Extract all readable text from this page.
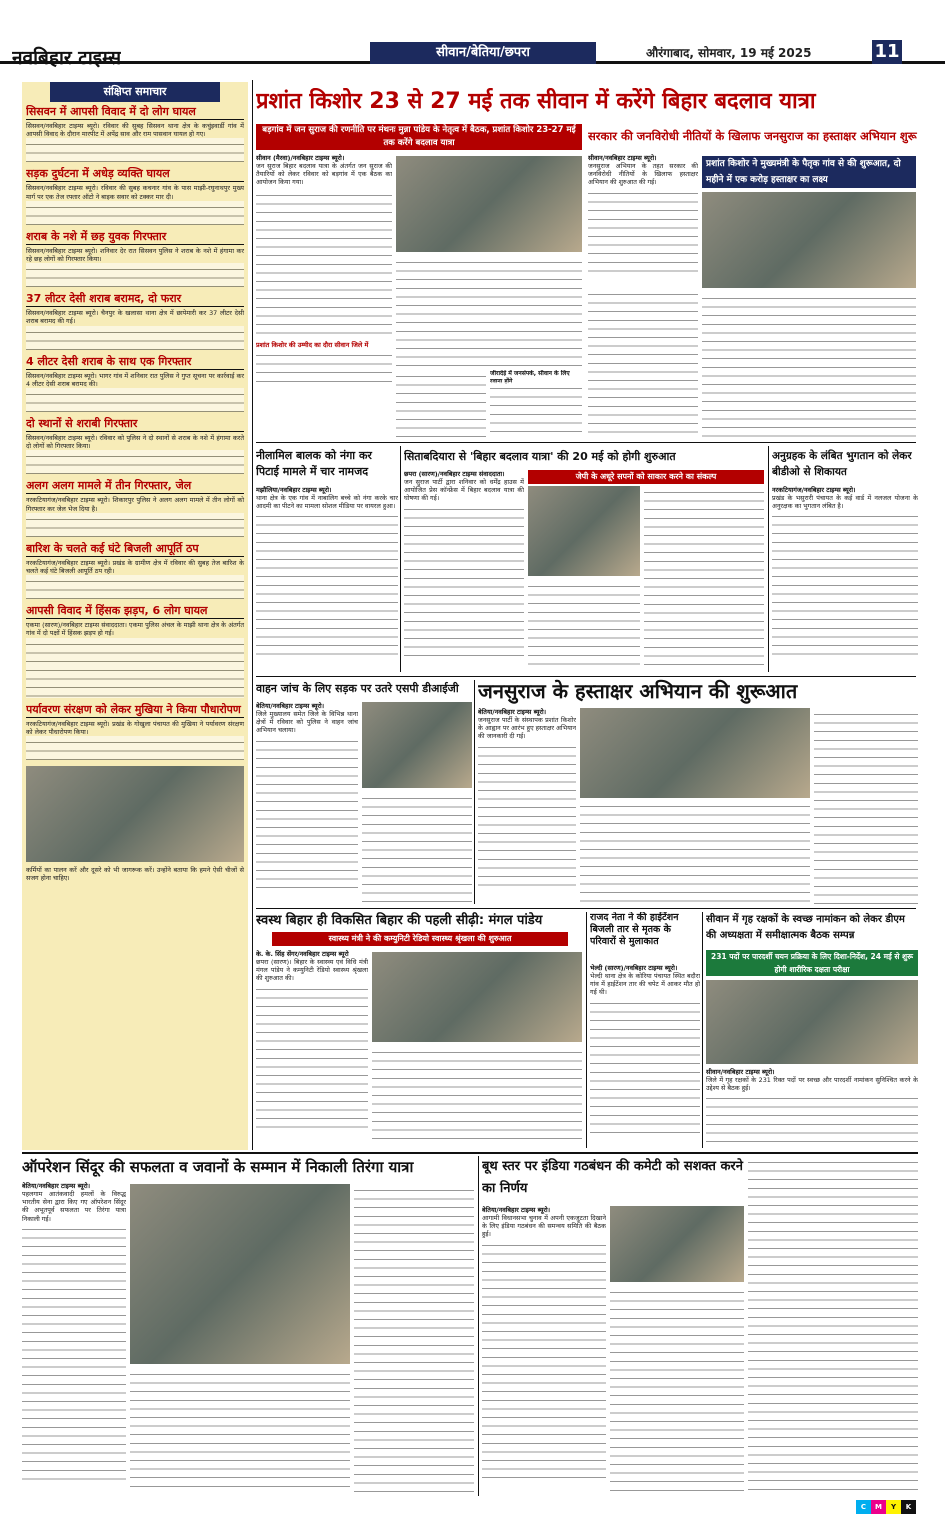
नवबिहार टाइम्स	सीवान/बेतिया/छपरा	औरंगाबाद, सोमवार, 19 मई 2025	11
संक्षिप्त समाचार
सिसवन में आपसी विवाद में दो लोग घायल

सिसवन/नवबिहार टाइम्स ब्यूरो। रविवार की सुबह सिसवन थाना क्षेत्र के कचुंइवार्डी गांव में आपसी विवाद के दौरान मारपीट में अपेंद्र साव और राम पासवान घायल हो गए।

सड़क दुर्घटना में अधेड़ व्यक्ति घायल

सिसवन/नवबिहार टाइम्स ब्यूरो। रविवार की सुबह कचनार गांव के पास माझी-रघुनाथपुर मुख्य मार्ग पर एक तेज रफ्तार ऑटो ने बाइक सवार को टक्कर मार दी।

शराब के नशे में छह युवक गिरफ्तार

सिसवन/नवबिहार टाइम्स ब्यूरो। शनिवार देर रात सिसवन पुलिस ने शराब के नशे में हंगामा कर रहे छह लोगों को गिरफ्तार किया।

37 लीटर देसी शराब बरामद, दो फरार

सिसवन/नवबिहार टाइम्स ब्यूरो। चैनपुर के खलासा थाना क्षेत्र में छापेमारी कर 37 लीटर देसी शराब बरामद की गई।

4 लीटर देसी शराब के साथ एक गिरफ्तार

सिसवन/नवबिहार टाइम्स ब्यूरो। भागर गांव में शनिवार रात पुलिस ने गुप्त सूचना पर कार्रवाई कर 4 लीटर देसी शराब बरामद की।

दो स्थानों से शराबी गिरफ्तार

सिसवन/नवबिहार टाइम्स ब्यूरो। रविवार को पुलिस ने दो स्थानों से शराब के नशे में हंगामा करते दो लोगों को गिरफ्तार किया।

अलग अलग मामले में तीन गिरफ्तार, जेल

नरकटियागंज/नवबिहार टाइम्स ब्यूरो। शिकारपुर पुलिस ने अलग अलग मामले में तीन लोगों को गिरफ्तार कर जेल भेज दिया है।

बारिश के चलते कई घंटे बिजली आपूर्ति ठप

नरकटियागंज/नवबिहार टाइम्स ब्यूरो। प्रखंड के ग्रामीण क्षेत्र में रविवार की सुबह तेज बारिश के चलते कई घंटे बिजली आपूर्ति ठप रही।

आपसी विवाद में हिंसक झड़प, 6 लोग घायल

एकमा (सारण)/नवबिहार टाइम्स संवाददाता। एकमा पुलिस अंचल के माझी थाना क्षेत्र के अंतर्गत गांव में दो पक्षों में हिंसक झड़प हो गई।

पर्यावरण संरक्षण को लेकर मुखिया ने किया पौधारोपण

नरकटियागंज/नवबिहार टाइम्स ब्यूरो। प्रखंड के गोखुला पंचायत की मुखिया ने पर्यावरण संरक्षण को लेकर पौधारोपण किया।

कर्मियों का पालन करें और दूसरे को भी जागरूक करें। उन्होंने बताया कि हमने ऐसी चीजों से सजग होना चाहिए।

प्रशांत किशोर 23 से 27 मई तक सीवान में करेंगे बिहार बदलाव यात्रा
बड़गांव में जन सुराज की रणनीति पर मंथनः मुन्ना पांडेय के नेतृत्व में बैठक, प्रशांत किशोर 23-27 मई तक करेंगे बदलाव यात्रा
सीवान (मैरवा)/नवबिहार टाइम्स ब्यूरो।

जन सुराज बिहार बदलाव यात्रा के अंतर्गत जन सुराज की तैयारियों को लेकर रविवार को बड़गांव में एक बैठक का आयोजन किया गया।

प्रशांत किशोर की उम्मीद का दौरा सीवान जिले में
जीरादेई में जनसंपर्क, सीवान के लिए
सरकार की जनविरोधी नीतियों के खिलाफ जनसुराज का हस्ताक्षर अभियान शुरू
सीवान/नवबिहार टाइम्स ब्यूरो।

जनसुराज अभियान के तहत सरकार की जनविरोधी नीतियों के खिलाफ हस्ताक्षर अभियान की शुरुआत की गई।

प्रशांत किशोर ने मुख्यमंत्री के पैतृक गांव से की शुरूआत, दो महीने में एक करोड़ हस्ताक्षर का लक्ष्य
नीलामिल बालक को नंगा कर पिटाई मामले में चार नामजद
मझौलिया/नवबिहार टाइम्स ब्यूरो।

थाना क्षेत्र के एक गांव में नाबालिग बच्चे को नंगा करके चार आदमी का पीटने का मामला सोशल मीडिया पर वायरल हुआ।

सिताबदियारा से 'बिहार बदलाव यात्रा' की 20 मई को होगी शुरुआत
छपरा (सारण)/नवबिहार टाइम्स संवाददाता।

जन सुराज पार्टी द्वारा शनिवार को धर्मेंद्र हाउस में आयोजित प्रेस कॉन्फ्रेंस में बिहार बदलाव यात्रा की घोषणा की गई।

जेपी के अधूरे सपनों को साकार करने का संकल्प
अनुग्रहक के लंबित भुगतान को लेकर बीडीओ से शिकायत
नरकटियागंज/नवबिहार टाइम्स ब्यूरो।

प्रखंड के भसुरारी पंचायत के कई वार्ड में नलजल योजना के अनुरक्षक का भुगतान लंबित है।

वाहन जांच के लिए सड़क पर उतरे एसपी डीआईजी
बेतिया/नवबिहार टाइम्स ब्यूरो।

जिले मुख्यालय समेत जिले के विभिन्न थाना क्षेत्रों में रविवार को पुलिस ने वाहन जांच अभियान चलाया।

जनसुराज के हस्ताक्षर अभियान की शुरूआत
बेतिया/नवबिहार टाइम्स ब्यूरो।

जनसुराज पार्टी के संस्थापक प्रशांत किशोर के आह्वान पर आरंभ हुए हस्ताक्षर अभियान की जानकारी दी गई।

स्वस्थ बिहार ही विकसित बिहार की पहली सीढ़ी: मंगल पांडेय
स्वास्थ्य मंत्री ने की कम्युनिटी रेडियो स्वास्थ्य श्रृंखला की शुरुआत
के. के. सिंह सेंगर/नवबिहार टाइम्स ब्यूरो

छपरा (सारण)। बिहार के स्वास्थ्य एवं विधि मंत्री मंगल पांडेय ने कम्युनिटी रेडियो स्वास्थ्य श्रृंखला की शुरुआत की।

राजद नेता ने की हाईटेंशन बिजली तार से मृतक के परिवारों से मुलाकात
भेल्दी (सारण)/नवबिहार टाइम्स ब्यूरो।

भेल्दी थाना क्षेत्र के कोरिया पंचायत स्थित बदौरा गांव में हाईटेंशन तार की चपेट में आकर मौत हो गई थी।

सीवान में गृह रक्षकों के स्वच्छ नामांकन को लेकर डीएम की अध्यक्षता में समीक्षात्मक बैठक सम्पन्न
231 पदों पर पारदर्शी चयन प्रक्रिया के लिए दिशा-निर्देश, 24 मई से शुरू होगी शारीरिक दक्षता परीक्षा
सीवान/नवबिहार टाइम्स ब्यूरो।

जिले में गृह रक्षकों के 231 रिक्त पदों पर स्वच्छ और पारदर्शी नामांकन सुनिश्चित करने के उद्देश्य से बैठक हुई।

ऑपरेशन सिंदूर की सफलता व जवानों के सम्मान में निकाली तिरंगा यात्रा
बेतिया/नवबिहार टाइम्स ब्यूरो।

पहलगाम आतंकवादी हमलों के विरुद्ध भारतीय सेना द्वारा किए गए ऑपरेशन सिंदूर की अभूतपूर्व सफलता पर तिरंगा यात्रा निकाली गई।

बूथ स्तर पर इंडिया गठबंधन की कमेटी को सशक्त करने का निर्णय
बेतिया/नवबिहार टाइम्स ब्यूरो।

आगामी विधानसभा चुनाव में अपनी एकजुटता दिखाने के लिए इंडिया गठबंधन की समन्वय समिति की बैठक हुई।

C	M	Y	K
